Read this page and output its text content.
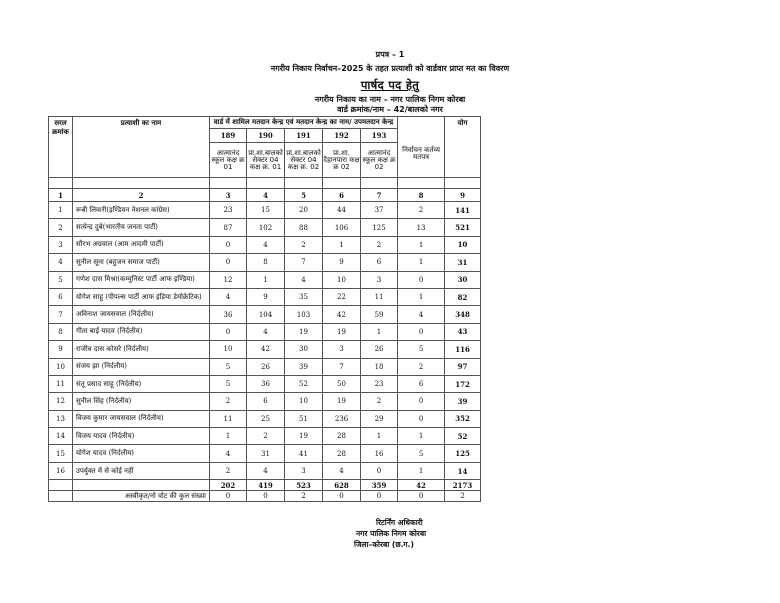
प्रपत्र – 1
नगरीय निकाय निर्वाचन–2025 के तहत प्रत्याशी को वार्डवार प्राप्त मत का विवरण
पार्षद पद हेतु
नगरीय निकाय का नाम – नगर पालिक निगम कोरबा
वार्ड क्रमांक/नाम – 42/बालको नगर
सरल क्रमांक	प्रत्याशी का नाम	वार्ड में शामिल मतदान केन्द्र एवं मतदान केन्द्र का नाम/ उपमतदान केन्द्र					निर्वाचन कर्तव्य मतपत्र	योग
		189	190	191	192	193		
		आत्मानंद स्कूल कक्ष क्र 01	प्रा.शा.बालको सेक्टर 04 कक्ष क्र. 01	प्रा.शा.बालको सेक्टर 04 कक्ष क्र. 02	प्रा.शा. दैहानपारा कक्ष क्र 02	आत्मानंद स्कूल कक्ष क्र 02		

1	2	3	4	5	6	7	8	9
1	रूबी लिवारी(इण्डियन नेशनल कांग्रेस)	23	15	20	44	37	2	141
2	सत्येन्द्र दुबे(भारतीय जनता पार्टी)	87	102	88	106	125	13	521
3	सौरभ अग्रवाल (आम आदमी पार्टी)	0	4	2	1	2	1	10
4	सुनील सूना (बहुजन समाज पार्टी)	0	8	7	9	6	1	31
5	गणेश दास मिश्रा(कम्युनिस्ट पार्टी आफ इण्डिया)	12	1	4	10	3	0	30
6	योगेश साहू (पीपल्स पार्टी आफ इंडिया डेमोक्रेटिक)	4	9	35	22	11	1	82
7	अविनाश जायसवाल (निर्दलीय)	36	104	103	42	59	4	348
8	गीता बाई यादव (निर्दलीय)	0	4	19	19	1	0	43
9	राजीव दास कोसरे (निर्दलीय)	10	42	30	3	26	5	116
10	संजय झा (निर्दलीय)	5	26	39	7	18	2	97
11	संतू प्रसाद साहू (निर्दलीय)	5	36	52	50	23	6	172
12	सुनील सिंह (निर्दलीय)	2	6	10	19	2	0	39
13	विजय कुमार जायसवाल (निर्दलीय)	11	25	51	236	29	0	352
14	विजय यादव (निर्दलीय)	1	2	19	28	1	1	52
15	योगेश यादव (निर्दलीय)	4	31	41	28	16	5	125
16	उपर्युक्त में से कोई नहीं	2	4	3	4	0	1	14
		202	419	523	628	359	42	2173
	अस्वीकृत/नो वोट की कुल संख्या	0	0	2	0	0	0	2
रिटर्निंग अधिकारी
नगर पालिक निगम कोरबा
जिला–कोरबा (छ.ग.)
